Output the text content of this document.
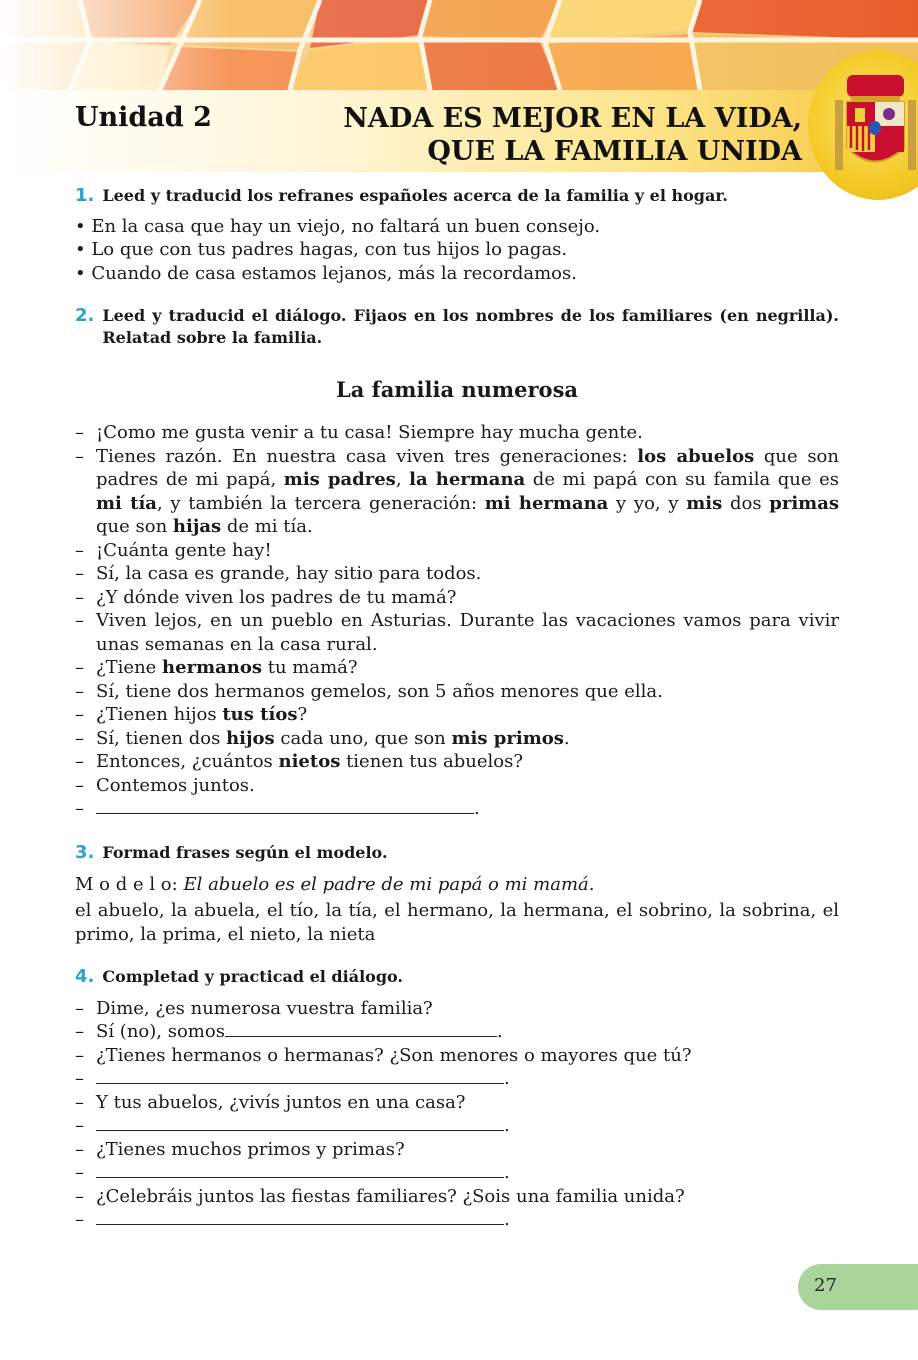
Unidad 2	NADA ES MEJOR EN LA VIDA,
QUE LA FAMILIA UNIDA
1. Leed y traducid los refranes españoles acerca de la familia y el hogar.
• En la casa que hay un viejo, no faltará un buen consejo.
• Lo que con tus padres hagas, con tus hijos lo pagas.
• Cuando de casa estamos lejanos, más la recordamos.
2. Leed y traducid el diálogo. Fijaos en los nombres de los familiares (en negrilla). Relatad sobre la familia.
La familia numerosa
– ¡Como me gusta venir a tu casa! Siempre hay mucha gente.
– Tienes razón. En nuestra casa viven tres generaciones: los abuelos que son padres de mi papá, mis padres, la hermana de mi papá con su famila que es mi tía, y también la tercera generación: mi hermana y yo, y mis dos primas que son hijas de mi tía.
– ¡Cuánta gente hay!
– Sí, la casa es grande, hay sitio para todos.
– ¿Y dónde viven los padres de tu mamá?
– Viven lejos, en un pueblo en Asturias. Durante las vacaciones vamos para vivir unas semanas en la casa rural.
– ¿Tiene hermanos tu mamá?
– Sí, tiene dos hermanos gemelos, son 5 años menores que ella.
– ¿Tienen hijos tus tíos?
– Sí, tienen dos hijos cada uno, que son mis primos.
– Entonces, ¿cuántos nietos tienen tus abuelos?
– Contemos juntos.
–	.
3. Formad frases según el modelo.
M o d e l o: El abuelo es el padre de mi papá o mi mamá.
el abuelo, la abuela, el tío, la tía, el hermano, la hermana, el sobrino, la sobrina, el primo, la prima, el nieto, la nieta
4. Completad y practicad el diálogo.
– Dime, ¿es numerosa vuestra familia?
– Sí (no), somos	.
– ¿Tienes hermanos o hermanas? ¿Son menores o mayores que tú?
–	.
– Y tus abuelos, ¿vivís juntos en una casa?
–	.
– ¿Tienes muchos primos y primas?
–	.
– ¿Celebráis juntos las fiestas familiares? ¿Sois una familia unida?
–	.
27
